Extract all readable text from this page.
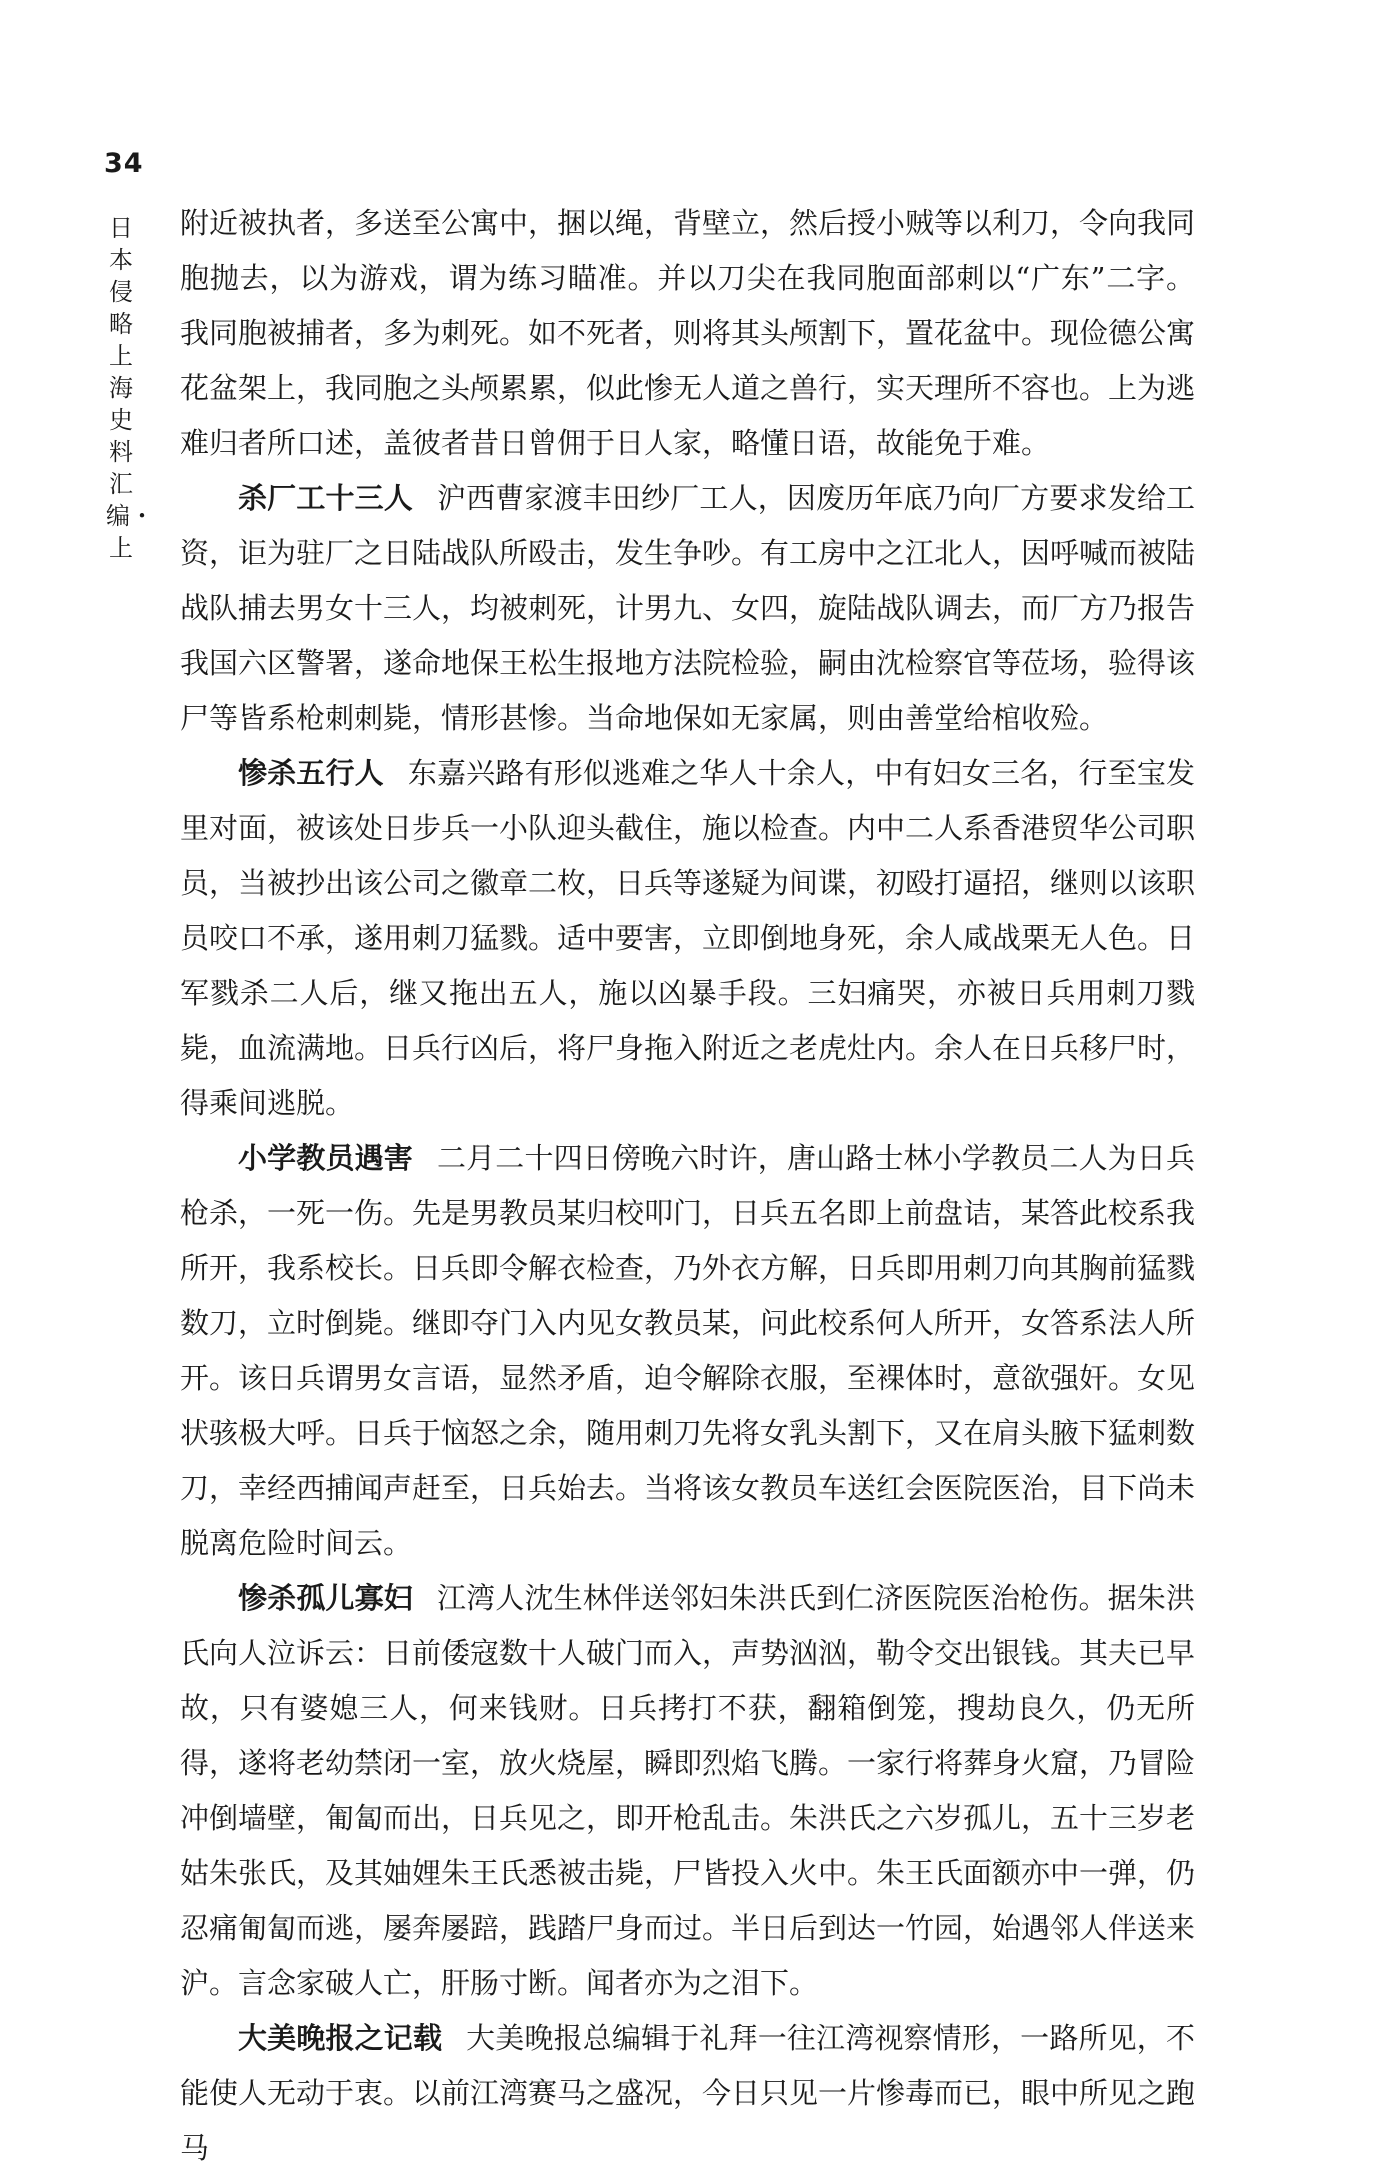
34
日本侵略上海史料汇编・上

附近被执者，多送至公寓中，捆以绳，背壁立，然后授小贼等以利刀，令向我同胞抛去，以为游戏，谓为练习瞄准。并以刀尖在我同胞面部刺以“广东”二字。我同胞被捕者，多为刺死。如不死者，则将其头颅割下，置花盆中。现俭德公寓花盆架上，我同胞之头颅累累，似此惨无人道之兽行，实天理所不容也。上为逃难归者所口述，盖彼者昔日曾佣于日人家，略懂日语，故能免于难。

杀厂工十三人 沪西曹家渡丰田纱厂工人，因废历年底乃向厂方要求发给工资，讵为驻厂之日陆战队所殴击，发生争吵。有工房中之江北人，因呼喊而被陆战队捕去男女十三人，均被刺死，计男九、女四，旋陆战队调去，而厂方乃报告我国六区警署，遂命地保王松生报地方法院检验，嗣由沈检察官等莅场，验得该尸等皆系枪刺刺毙，情形甚惨。当命地保如无家属，则由善堂给棺收殓。

惨杀五行人 东嘉兴路有形似逃难之华人十余人，中有妇女三名，行至宝发里对面，被该处日步兵一小队迎头截住，施以检查。内中二人系香港贸华公司职员，当被抄出该公司之徽章二枚，日兵等遂疑为间谍，初殴打逼招，继则以该职员咬口不承，遂用刺刀猛戮。适中要害，立即倒地身死，余人咸战栗无人色。日军戮杀二人后，继又拖出五人，施以凶暴手段。三妇痛哭，亦被日兵用刺刀戮毙，血流满地。日兵行凶后，将尸身拖入附近之老虎灶内。余人在日兵移尸时，得乘间逃脱。

小学教员遇害 二月二十四日傍晚六时许，唐山路士林小学教员二人为日兵枪杀，一死一伤。先是男教员某归校叩门，日兵五名即上前盘诘，某答此校系我所开，我系校长。日兵即令解衣检查，乃外衣方解，日兵即用刺刀向其胸前猛戮数刀，立时倒毙。继即夺门入内见女教员某，问此校系何人所开，女答系法人所开。该日兵谓男女言语，显然矛盾，迫令解除衣服，至裸体时，意欲强奸。女见状骇极大呼。日兵于恼怒之余，随用刺刀先将女乳头割下，又在肩头腋下猛刺数刀，幸经西捕闻声赶至，日兵始去。当将该女教员车送红会医院医治，目下尚未脱离危险时间云。

惨杀孤儿寡妇 江湾人沈生林伴送邻妇朱洪氏到仁济医院医治枪伤。据朱洪氏向人泣诉云：日前倭寇数十人破门而入，声势汹汹，勒令交出银钱。其夫已早故，只有婆媳三人，何来钱财。日兵拷打不获，翻箱倒笼，搜劫良久，仍无所得，遂将老幼禁闭一室，放火烧屋，瞬即烈焰飞腾。一家行将葬身火窟，乃冒险冲倒墙壁，匍匐而出，日兵见之，即开枪乱击。朱洪氏之六岁孤儿，五十三岁老姑朱张氏，及其妯娌朱王氏悉被击毙，尸皆投入火中。朱王氏面额亦中一弹，仍忍痛匍匐而逃，屡奔屡踣，践踏尸身而过。半日后到达一竹园，始遇邻人伴送来沪。言念家破人亡，肝肠寸断。闻者亦为之泪下。

大美晚报之记载 大美晚报总编辑于礼拜一往江湾视察情形，一路所见，不能使人无动于衷。以前江湾赛马之盛况，今日只见一片惨毒而已，眼中所见之跑马
